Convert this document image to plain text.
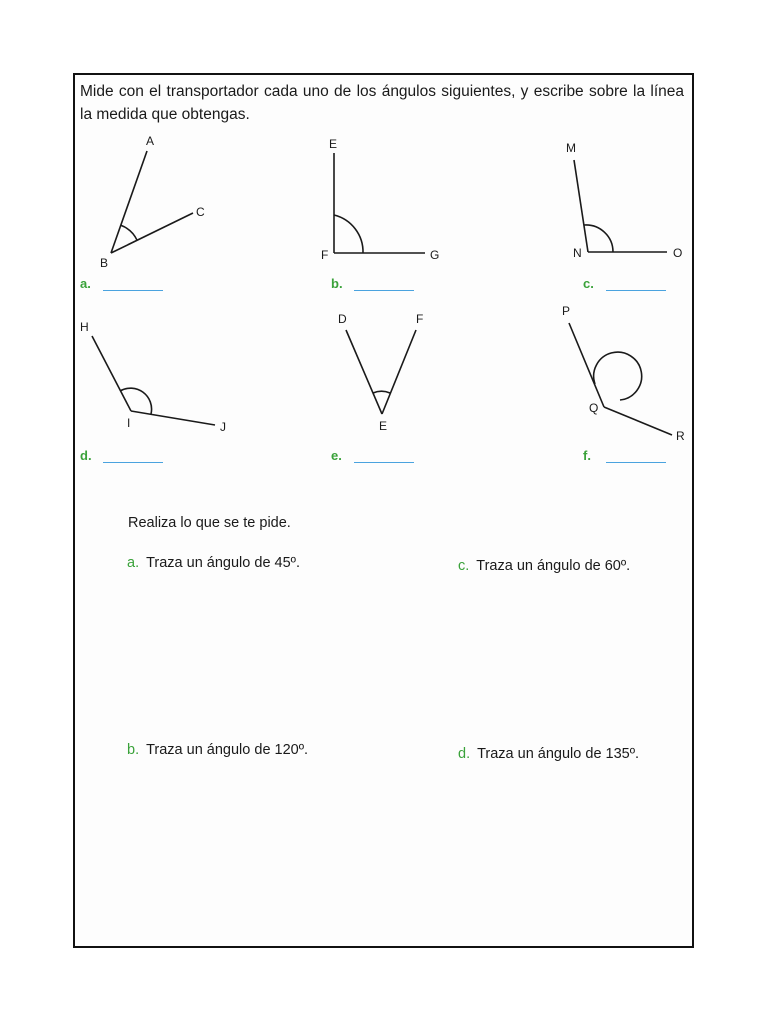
Mide con el transportador cada uno de los ángulos siguientes, y escribe sobre la línea la medida que obtengas.

A
C
B
E
G
F
M
O
N
H
J
I
D	F
E
P
R
Q
a.	b.	c.
d.	e.	f.
Realiza lo que se te pide.
a. Traza un ángulo de 45º.
b. Traza un ángulo de 120º.
c. Traza un ángulo de 60º.
d. Traza un ángulo de 135º.
